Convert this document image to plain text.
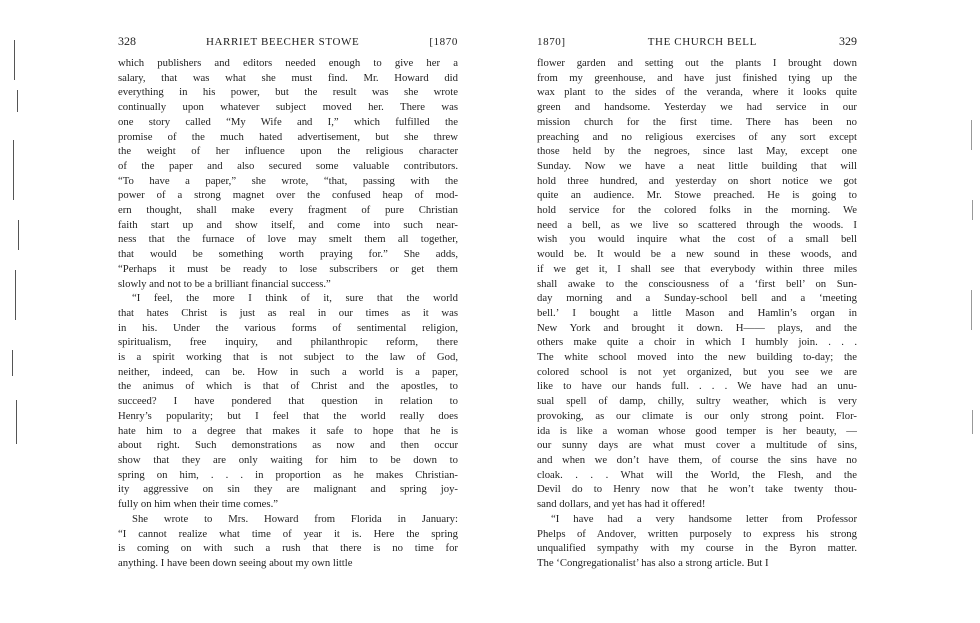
328	HARRIET BEECHER STOWE	[1870

which publishers and editors needed enough to give her a
salary, that was what she must find. Mr. Howard did
everything in his power, but the result was she wrote
continually upon whatever subject moved her. There was
one story called “My Wife and I,” which fulfilled the
promise of the much hated advertisement, but she threw
the weight of her influence upon the religious character
of the paper and also secured some valuable contributors.
“To have a paper,” she wrote, “that, passing with the
power of a strong magnet over the confused heap of mod-
ern thought, shall make every fragment of pure Christian
faith start up and show itself, and come into such near-
ness that the furnace of love may smelt them all together,
that would be something worth praying for.” She adds,
“Perhaps it must be ready to lose subscribers or get them
slowly and not to be a brilliant financial success.”
“I feel, the more I think of it, sure that the world
that hates Christ is just as real in our times as it was
in his. Under the various forms of sentimental religion,
spiritualism, free inquiry, and philanthropic reform, there
is a spirit working that is not subject to the law of God,
neither, indeed, can be. How in such a world is a paper,
the animus of which is that of Christ and the apostles, to
succeed? I have pondered that question in relation to
Henry’s popularity; but I feel that the world really does
hate him to a degree that makes it safe to hope that he is
about right. Such demonstrations as now and then occur
show that they are only waiting for him to be down to
spring on him, . . . in proportion as he makes Christian-
ity aggressive on sin they are malignant and spring joy-
fully on him when their time comes.”
She wrote to Mrs. Howard from Florida in January:
“I cannot realize what time of year it is. Here the spring
is coming on with such a rush that there is no time for
anything. I have been down seeing about my own little

1870]	THE CHURCH BELL	329

flower garden and setting out the plants I brought down
from my greenhouse, and have just finished tying up the
wax plant to the sides of the veranda, where it looks quite
green and handsome. Yesterday we had service in our
mission church for the first time. There has been no
preaching and no religious exercises of any sort except
those held by the negroes, since last May, except one
Sunday. Now we have a neat little building that will
hold three hundred, and yesterday on short notice we got
quite an audience. Mr. Stowe preached. He is going to
hold service for the colored folks in the morning. We
need a bell, as we live so scattered through the woods. I
wish you would inquire what the cost of a small bell
would be. It would be a new sound in these woods, and
if we get it, I shall see that everybody within three miles
shall awake to the consciousness of a ‘first bell’ on Sun-
day morning and a Sunday-school bell and a ‘meeting
bell.’ I bought a little Mason and Hamlin’s organ in
New York and brought it down. H—— plays, and the
others make quite a choir in which I humbly join. . . .
The white school moved into the new building to-day; the
colored school is not yet organized, but you see we are
like to have our hands full. . . . We have had an unu-
sual spell of damp, chilly, sultry weather, which is very
provoking, as our climate is our only strong point. Flor-
ida is like a woman whose good temper is her beauty, —
our sunny days are what must cover a multitude of sins,
and when we don’t have them, of course the sins have no
cloak. . . . What will the World, the Flesh, and the
Devil do to Henry now that he won’t take twenty thou-
sand dollars, and yet has had it offered!
“I have had a very handsome letter from Professor
Phelps of Andover, written purposely to express his strong
unqualified sympathy with my course in the Byron matter.
The ‘Congregationalist’ has also a strong article. But I
